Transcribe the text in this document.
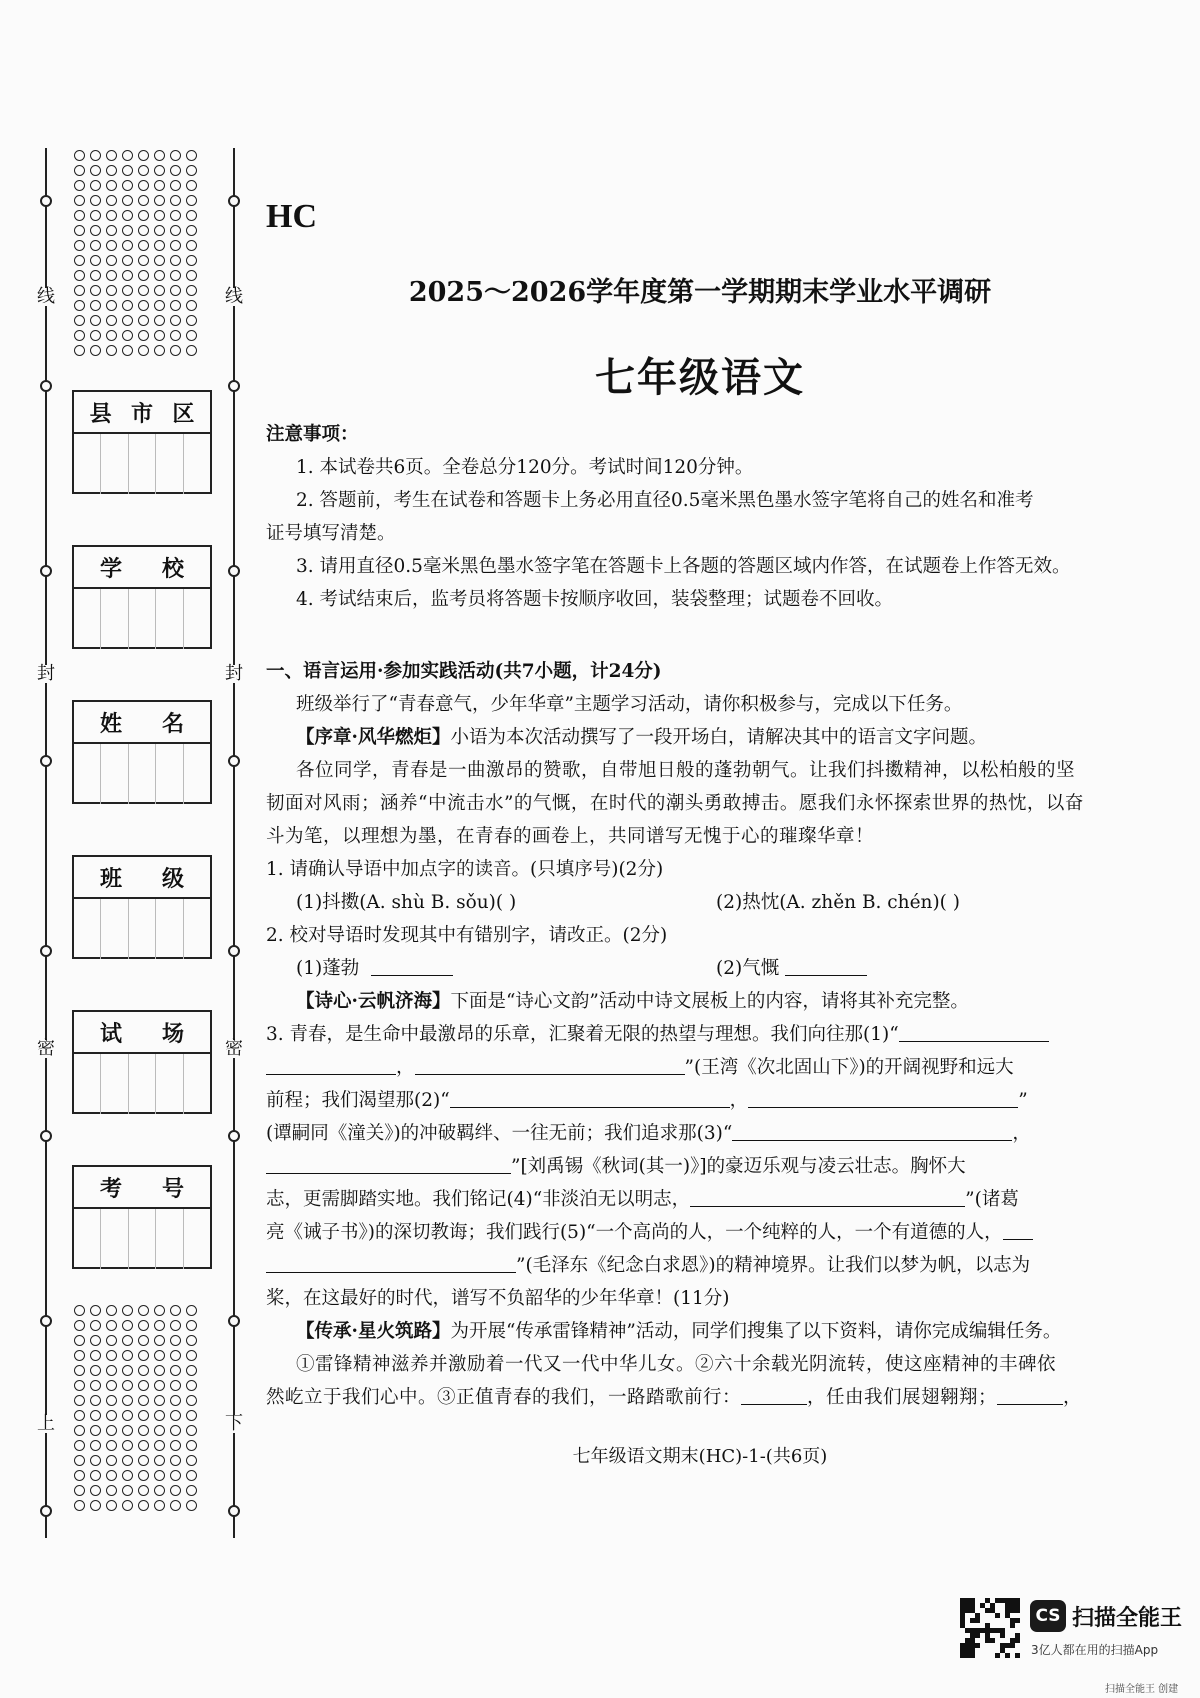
线
封
密
上
线
封
密
下
县 市 区
学 校
姓 名
班 级
试 场
考 号
HC
2025～2026学年度第一学期期末学业水平调研
七年级语文
注意事项：
1. 本试卷共6页。全卷总分120分。考试时间120分钟。
2. 答题前，考生在试卷和答题卡上务必用直径0.5毫米黑色墨水签字笔将自己的姓名和准考
证号填写清楚。
3. 请用直径0.5毫米黑色墨水签字笔在答题卡上各题的答题区域内作答，在试题卷上作答无效。
4. 考试结束后，监考员将答题卡按顺序收回，装袋整理；试题卷不回收。
一、语言运用·参加实践活动(共7小题，计24分)
班级举行了“青春意气，少年华章”主题学习活动，请你积极参与，完成以下任务。
【序章·风华燃炬】小语为本次活动撰写了一段开场白，请解决其中的语言文字问题。
各位同学，青春是一曲激昂的赞歌，自带旭日般的蓬勃朝气。让我们抖擞精神，以松柏般的坚
韧面对风雨；涵养“中流击水”的气慨，在时代的潮头勇敢搏击。愿我们永怀探索世界的热忱，以奋
斗为笔，以理想为墨，在青春的画卷上，共同谱写无愧于心的璀璨华章！
1. 请确认导语中加点字的读音。(只填序号)(2分)
(1)抖擞(A. shù B. sǒu)( )	(2)热忱(A. zhěn B. chén)( )
2. 校对导语时发现其中有错别字，请改正。(2分)
(1)蓬勃	(2)气慨
【诗心·云帆济海】下面是“诗心文韵”活动中诗文展板上的内容，请将其补充完整。
3. 青春，是生命中最激昂的乐章，汇聚着无限的热望与理想。我们向往那(1)“
，	”(王湾《次北固山下》)的开阔视野和远大
前程；我们渴望那(2)“	，	”
(谭嗣同《潼关》)的冲破羁绊、一往无前；我们追求那(3)“	，
”[刘禹锡《秋词(其一)》]的豪迈乐观与凌云壮志。胸怀大
志，更需脚踏实地。我们铭记(4)“非淡泊无以明志，	”(诸葛
亮《诫子书》)的深切教诲；我们践行(5)“一个高尚的人，一个纯粹的人，一个有道德的人，
”(毛泽东《纪念白求恩》)的精神境界。让我们以梦为帆，以志为
桨，在这最好的时代，谱写不负韶华的少年华章！(11分)
【传承·星火筑路】为开展“传承雷锋精神”活动，同学们搜集了以下资料，请你完成编辑任务。
①雷锋精神滋养并激励着一代又一代中华儿女。②六十余载光阴流转，使这座精神的丰碑依
然屹立于我们心中。③正值青春的我们，一路踏歌前行：	，任由我们展翅翱翔；	，
七年级语文期末(HC)-1-(共6页)
CS 扫描全能王
3亿人都在用的扫描App
扫描全能王 创建
